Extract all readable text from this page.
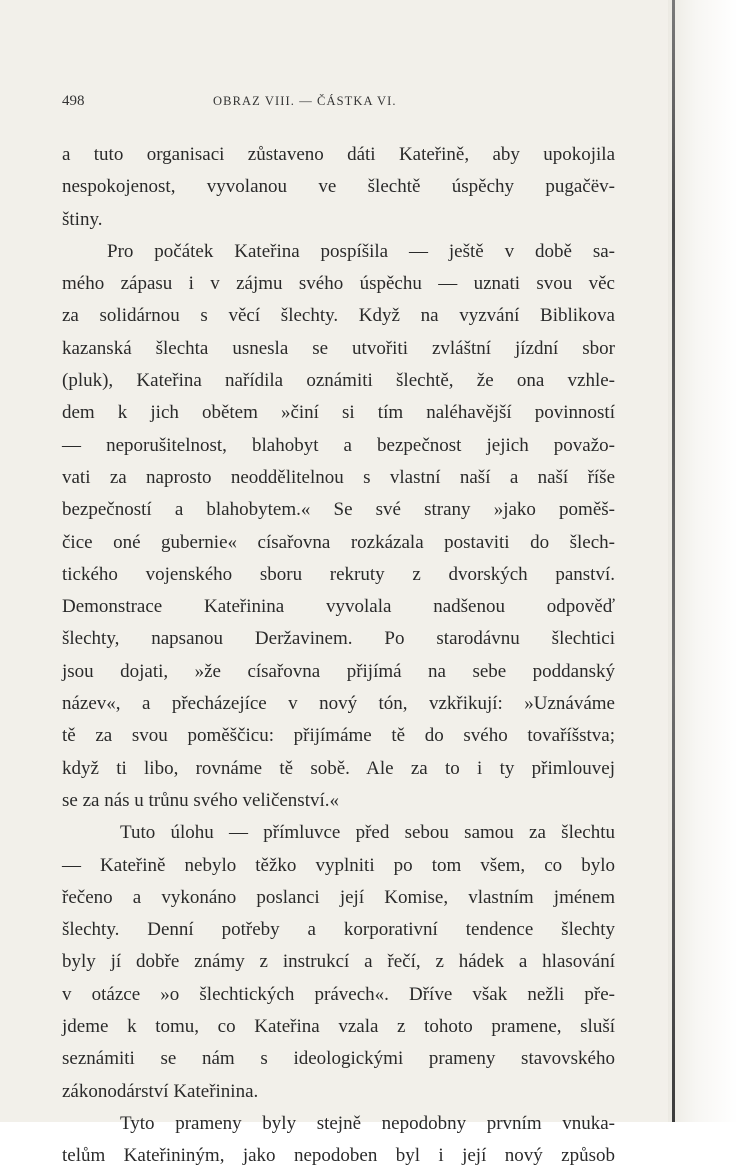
498	OBRAZ VIII. — ČÁSTKA VI.
a tuto organisaci zůstaveno dáti Kateřině, aby upokojila
nespokojenost, vyvolanou ve šlechtě úspěchy pugačëv-
štiny.
Pro počátek Kateřina pospíšila — ještě v době sa-
mého zápasu i v zájmu svého úspěchu — uznati svou věc
za solidárnou s věcí šlechty. Když na vyzvání Biblikova
kazanská šlechta usnesla se utvořiti zvláštní jízdní sbor
(pluk), Kateřina nařídila oznámiti šlechtě, že ona vzhle-
dem k jich obětem »činí si tím naléhavější povinností
— neporušitelnost, blahobyt a bezpečnost jejich považo-
vati za naprosto neoddělitelnou s vlastní naší a naší říše
bezpečností a blahobytem.« Se své strany »jako poměš-
čice oné gubernie« císařovna rozkázala postaviti do šlech-
tického vojenského sboru rekruty z dvorských panství.
Demonstrace Kateřinina vyvolala nadšenou odpověď
šlechty, napsanou Deržavinem. Po starodávnu šlechtici
jsou dojati, »že císařovna přijímá na sebe poddanský
název«, a přecházejíce v nový tón, vzkřikují: »Uznáváme
tě za svou poměščicu: přijímáme tě do svého tovaříšstva;
když ti libo, rovnáme tě sobě. Ale za to i ty přimlouvej
se za nás u trůnu svého veličenství.«
Tuto úlohu — přímluvce před sebou samou za šlechtu
— Kateřině nebylo těžko vyplniti po tom všem, co bylo
řečeno a vykonáno poslanci její Komise, vlastním jménem
šlechty. Denní potřeby a korporativní tendence šlechty
byly jí dobře známy z instrukcí a řečí, z hádek a hlasování
v otázce »o šlechtických právech«. Dříve však nežli pře-
jdeme k tomu, co Kateřina vzala z tohoto pramene, sluší
seznámiti se nám s ideologickými prameny stavovského
zákonodárství Kateřinina.
Tyto prameny byly stejně nepodobny prvním vnuka-
telům Kateřininým, jako nepodoben byl i její nový způsob
